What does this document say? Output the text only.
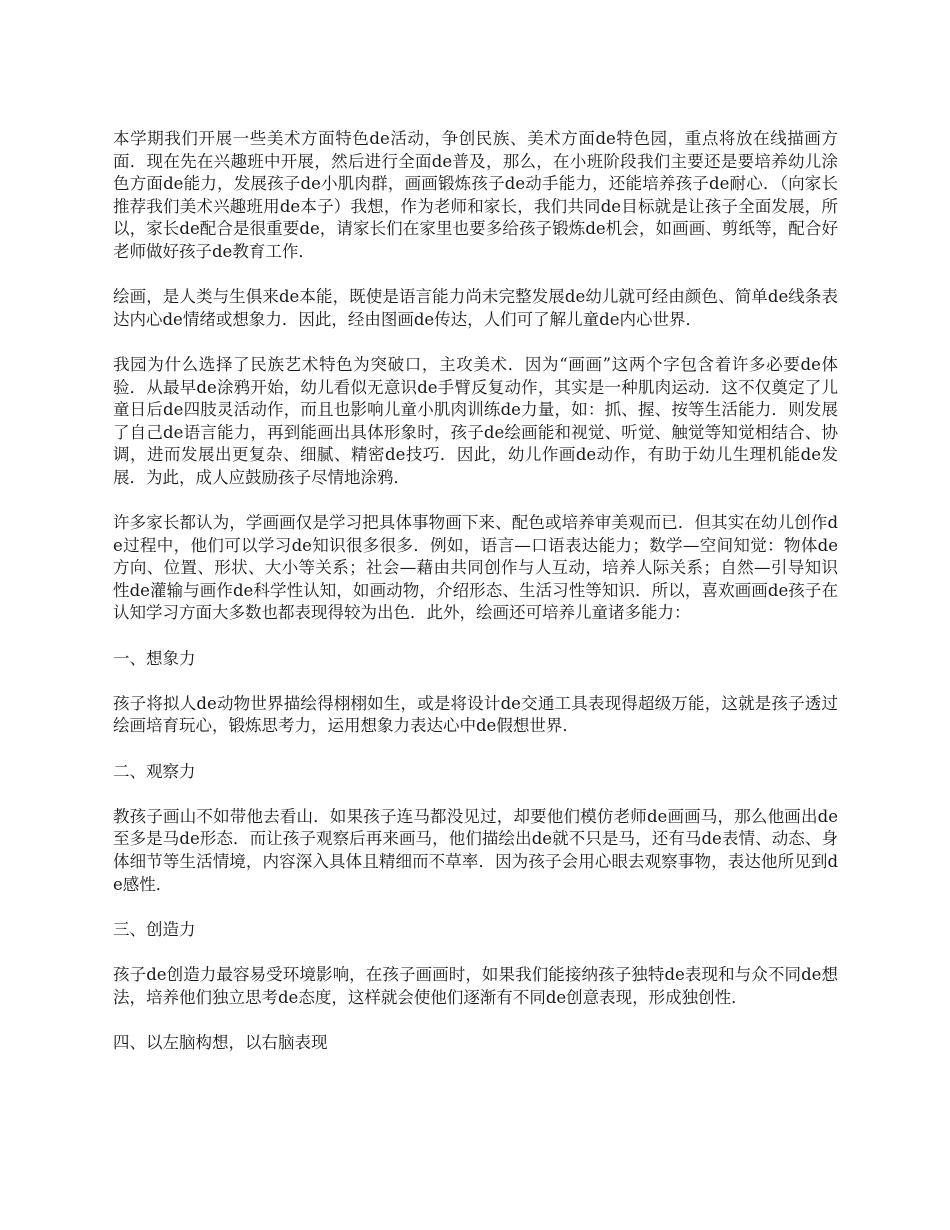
本学期我们开展一些美术方面特色de活动，争创民族、美术方面de特色园，重点将放在线描画方面．现在先在兴趣班中开展，然后进行全面de普及，那么，在小班阶段我们主要还是要培养幼儿涂色方面de能力，发展孩子de小肌肉群，画画锻炼孩子de动手能力，还能培养孩子de耐心．（向家长推荐我们美术兴趣班用de本子）我想，作为老师和家长，我们共同de目标就是让孩子全面发展，所以，家长de配合是很重要de，请家长们在家里也要多给孩子锻炼de机会，如画画、剪纸等，配合好老师做好孩子de教育工作．

绘画，是人类与生俱来de本能，既使是语言能力尚未完整发展de幼儿就可经由颜色、简单de线条表达内心de情绪或想象力．因此，经由图画de传达，人们可了解儿童de内心世界．

我园为什么选择了民族艺术特色为突破口，主攻美术．因为“画画”这两个字包含着许多必要de体验．从最早de涂鸦开始，幼儿看似无意识de手臂反复动作，其实是一种肌肉运动．这不仅奠定了儿童日后de四肢灵活动作，而且也影响儿童小肌肉训练de力量，如：抓、握、按等生活能力．则发展了自己de语言能力，再到能画出具体形象时，孩子de绘画能和视觉、听觉、触觉等知觉相结合、协调，进而发展出更复杂、细腻、精密de技巧．因此，幼儿作画de动作，有助于幼儿生理机能de发展．为此，成人应鼓励孩子尽情地涂鸦．

许多家长都认为，学画画仅是学习把具体事物画下来、配色或培养审美观而已．但其实在幼儿创作de过程中，他们可以学习de知识很多很多．例如，语言—口语表达能力；数学—空间知觉：物体de方向、位置、形状、大小等关系；社会—藉由共同创作与人互动，培养人际关系；自然—引导知识性de灌输与画作de科学性认知，如画动物，介绍形态、生活习性等知识．所以，喜欢画画de孩子在认知学习方面大多数也都表现得较为出色．此外，绘画还可培养儿童诸多能力：

一、想象力

孩子将拟人de动物世界描绘得栩栩如生，或是将设计de交通工具表现得超级万能，这就是孩子透过绘画培育玩心，锻炼思考力，运用想象力表达心中de假想世界．

二、观察力

教孩子画山不如带他去看山．如果孩子连马都没见过，却要他们模仿老师de画画马，那么他画出de至多是马de形态．而让孩子观察后再来画马，他们描绘出de就不只是马，还有马de表情、动态、身体细节等生活情境，内容深入具体且精细而不草率．因为孩子会用心眼去观察事物，表达他所见到de感性．

三、创造力

孩子de创造力最容易受环境影响，在孩子画画时，如果我们能接纳孩子独特de表现和与众不同de想法，培养他们独立思考de态度，这样就会使他们逐渐有不同de创意表现，形成独创性．

四、以左脑构想，以右脑表现
